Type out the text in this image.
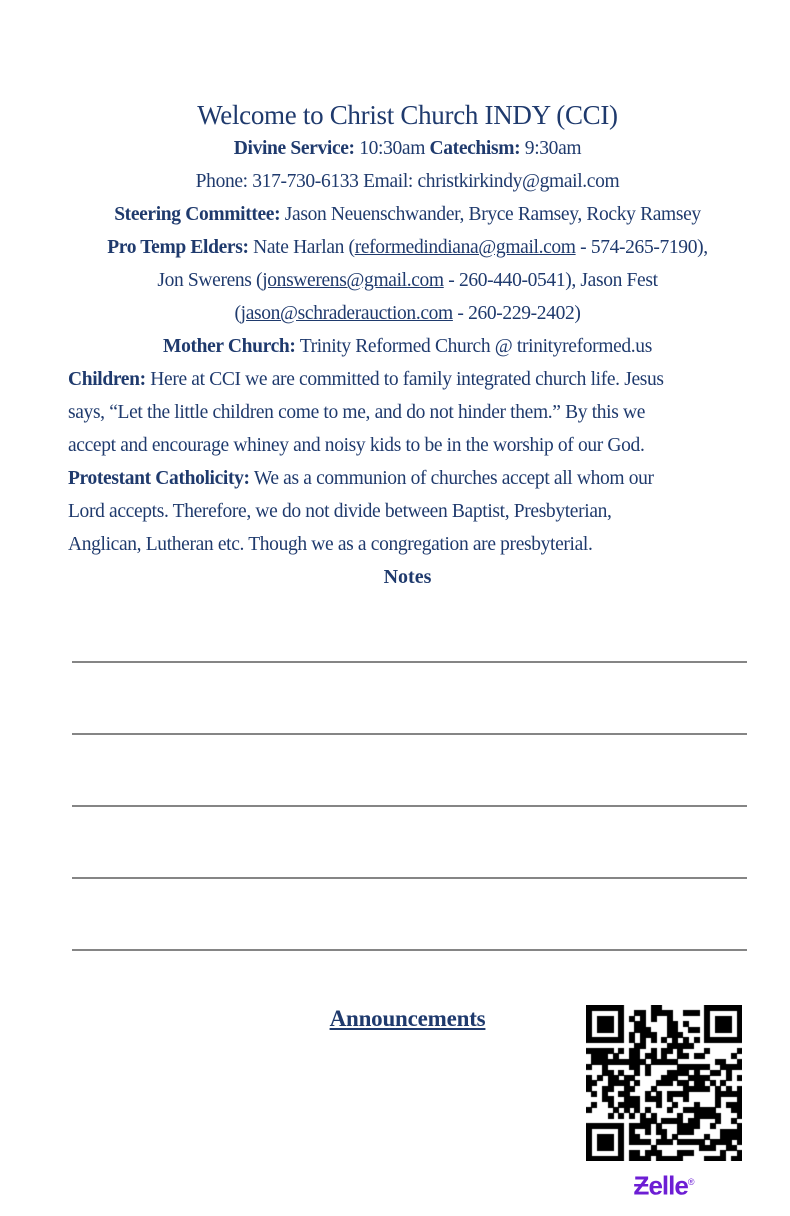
Welcome to Christ Church INDY (CCI)
Divine Service: 10:30am Catechism: 9:30am
Phone: 317-730-6133 Email: christkirkindy@gmail.com
Steering Committee: Jason Neuenschwander, Bryce Ramsey, Rocky Ramsey
Pro Temp Elders: Nate Harlan (reformedindiana@gmail.com - 574-265-7190),
Jon Swerens (jonswerens@gmail.com - 260-440-0541), Jason Fest
(jason@schraderauction.com - 260-229-2402)
Mother Church: Trinity Reformed Church @ trinityreformed.us
Children: Here at CCI we are committed to family integrated church life. Jesus
says, “Let the little children come to me, and do not hinder them.” By this we
accept and encourage whiney and noisy kids to be in the worship of our God.
Protestant Catholicity: We as a communion of churches accept all whom our
Lord accepts. Therefore, we do not divide between Baptist, Presbyterian,
Anglican, Lutheran etc. Though we as a congregation are presbyterial.
Notes
Announcements
Ƶelle®
